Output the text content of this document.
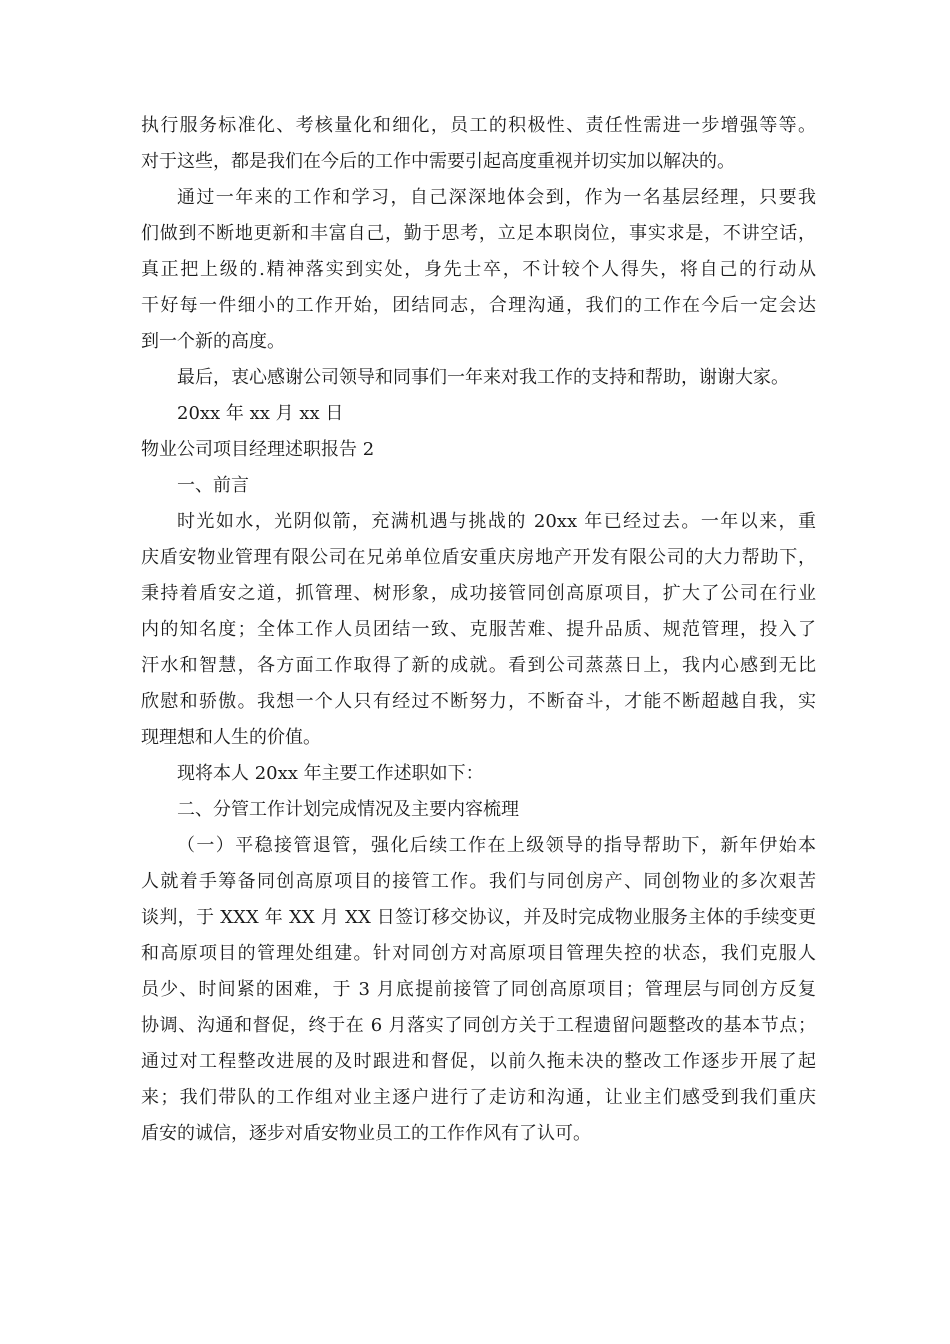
执行服务标准化、考核量化和细化，员工的积极性、责任性需进一步增强等等。
对于这些，都是我们在今后的工作中需要引起高度重视并切实加以解决的。
通过一年来的工作和学习，自己深深地体会到，作为一名基层经理，只要我
们做到不断地更新和丰富自己，勤于思考，立足本职岗位，事实求是，不讲空话，
真正把上级的.精神落实到实处，身先士卒，不计较个人得失，将自己的行动从
干好每一件细小的工作开始，团结同志，合理沟通，我们的工作在今后一定会达
到一个新的高度。
最后，衷心感谢公司领导和同事们一年来对我工作的支持和帮助，谢谢大家。
20xx 年 xx 月 xx 日
物业公司项目经理述职报告 2
一、前言
时光如水，光阴似箭，充满机遇与挑战的 20xx 年已经过去。一年以来，重
庆盾安物业管理有限公司在兄弟单位盾安重庆房地产开发有限公司的大力帮助下，
秉持着盾安之道，抓管理、树形象，成功接管同创高原项目，扩大了公司在行业
内的知名度；全体工作人员团结一致、克服苦难、提升品质、规范管理，投入了
汗水和智慧，各方面工作取得了新的成就。看到公司蒸蒸日上，我内心感到无比
欣慰和骄傲。我想一个人只有经过不断努力，不断奋斗，才能不断超越自我，实
现理想和人生的价值。
现将本人 20xx 年主要工作述职如下：
二、分管工作计划完成情况及主要内容梳理
（一）平稳接管退管，强化后续工作在上级领导的指导帮助下，新年伊始本
人就着手筹备同创高原项目的接管工作。我们与同创房产、同创物业的多次艰苦
谈判，于 XXX 年 XX 月 XX 日签订移交协议，并及时完成物业服务主体的手续变更
和高原项目的管理处组建。针对同创方对高原项目管理失控的状态，我们克服人
员少、时间紧的困难，于 3 月底提前接管了同创高原项目；管理层与同创方反复
协调、沟通和督促，终于在 6 月落实了同创方关于工程遗留问题整改的基本节点；
通过对工程整改进展的及时跟进和督促，以前久拖未决的整改工作逐步开展了起
来；我们带队的工作组对业主逐户进行了走访和沟通，让业主们感受到我们重庆
盾安的诚信，逐步对盾安物业员工的工作作风有了认可。
